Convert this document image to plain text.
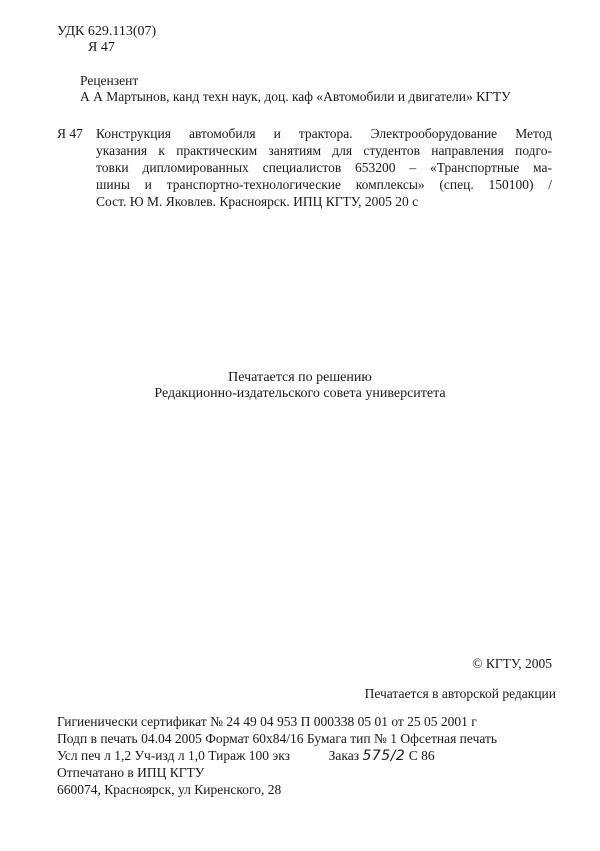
УДК 629.113(07)
Я 47
Рецензент
А А Мартынов, канд техн наук, доц. каф «Автомобили и двигатели» КГТУ
Я 47 Конструкция автомобиля и трактора. Электрооборудование Метод
указания к практическим занятиям для студентов направления подго-
товки дипломированных специалистов 653200 – «Транспортные ма-
шины и транспортно-технологические комплексы» (спец. 150100) /
Сост. Ю М. Яковлев. Красноярск. ИПЦ КГТУ, 2005 20 с
Печатается по решению
Редакционно-издательского совета университета
© КГТУ, 2005
Печатается в авторской редакции
Гигиенически сертификат № 24 49 04 953 П 000338 05 01 от 25 05 2001 г
Подп в печать 04.04 2005 Формат 60х84/16 Бумага тип № 1 Офсетная печать
Усл печ л 1,2 Уч-изд л 1,0 Тираж 100 экз	Заказ 575/2 С 86
Отпечатано в ИПЦ КГТУ
660074, Красноярск, ул Киренского, 28
